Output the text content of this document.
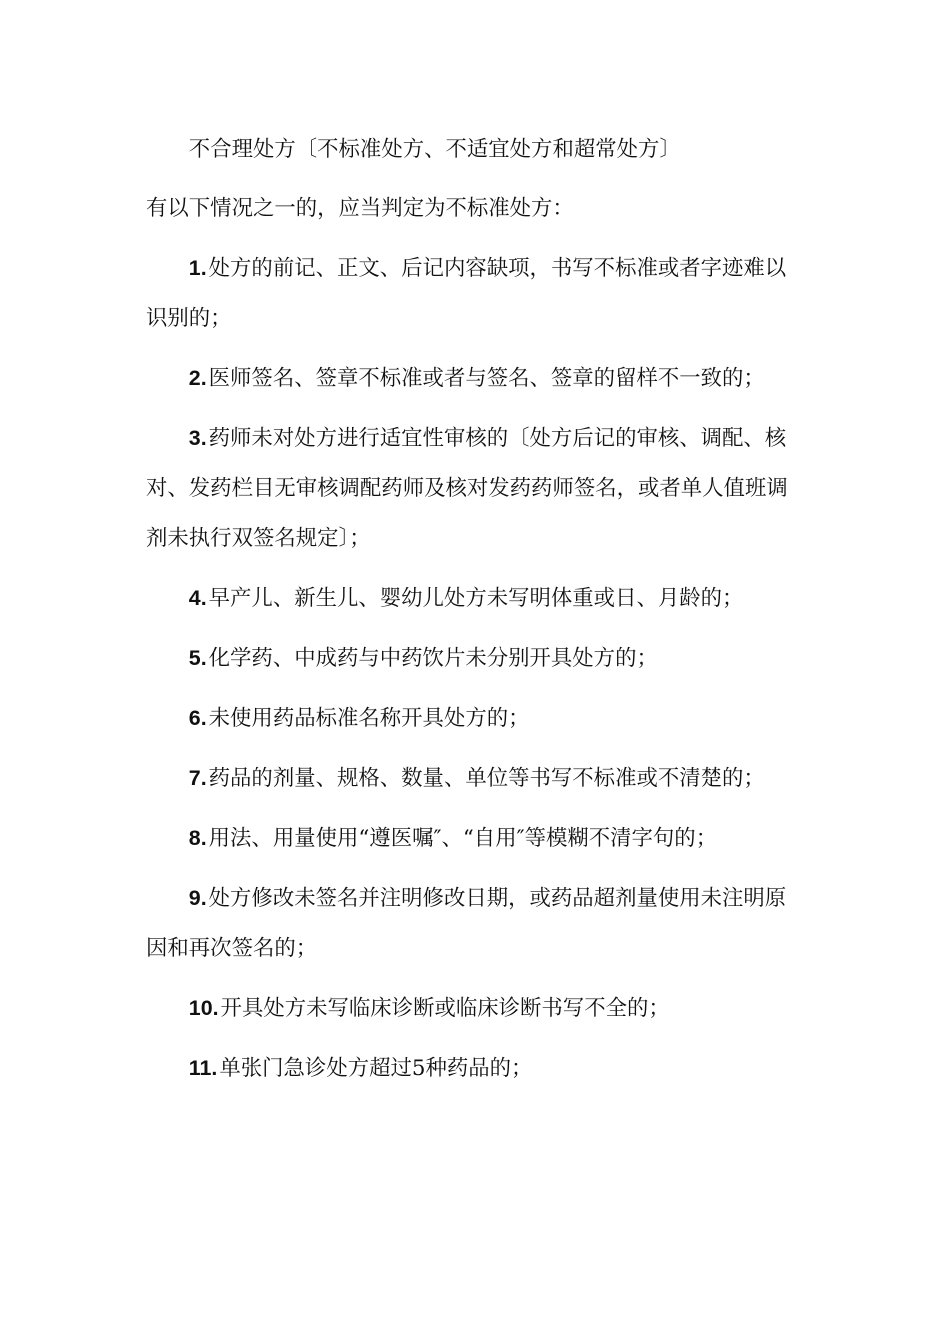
不合理处方〔不标准处方、不适宜处方和超常处方〕

有以下情况之一的，应当判定为不标准处方：

1.处方的前记、正文、后记内容缺项，书写不标准或者字迹难以识别的；

2.医师签名、签章不标准或者与签名、签章的留样不一致的；

3.药师未对处方进行适宜性审核的〔处方后记的审核、调配、核对、发药栏目无审核调配药师及核对发药药师签名，或者单人值班调剂未执行双签名规定〕；

4.早产儿、新生儿、婴幼儿处方未写明体重或日、月龄的；

5.化学药、中成药与中药饮片未分别开具处方的；

6.未使用药品标准名称开具处方的；

7.药品的剂量、规格、数量、单位等书写不标准或不清楚的；

8.用法、用量使用“遵医嘱″、“自用″等模糊不清字句的；

9.处方修改未签名并注明修改日期，或药品超剂量使用未注明原因和再次签名的；

10.开具处方未写临床诊断或临床诊断书写不全的；

11.单张门急诊处方超过5种药品的；
